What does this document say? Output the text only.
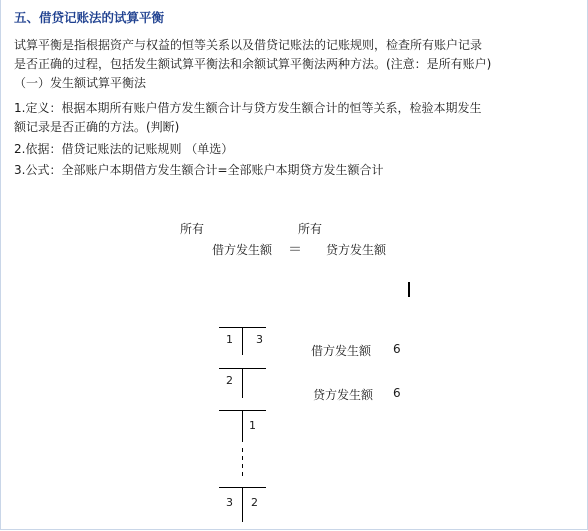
五、借贷记账法的试算平衡
试算平衡是指根据资产与权益的恒等关系以及借贷记账法的记账规则，检查所有账户记录
是否正确的过程，包括发生额试算平衡法和余额试算平衡法两种方法。(注意：是所有账户)
（一）发生额试算平衡法
1.定义：根据本期所有账户借方发生额合计与贷方发生额合计的恒等关系，检验本期发生
额记录是否正确的方法。(判断)
2.依据：借贷记账法的记账规则 （单选）
3.公式：全部账户本期借方发生额合计=全部账户本期贷方发生额合计
所有	所有
借方发生额 ＝ 贷方发生额
1 3
2
1
3 2
借方发生额 6
贷方发生额 6
